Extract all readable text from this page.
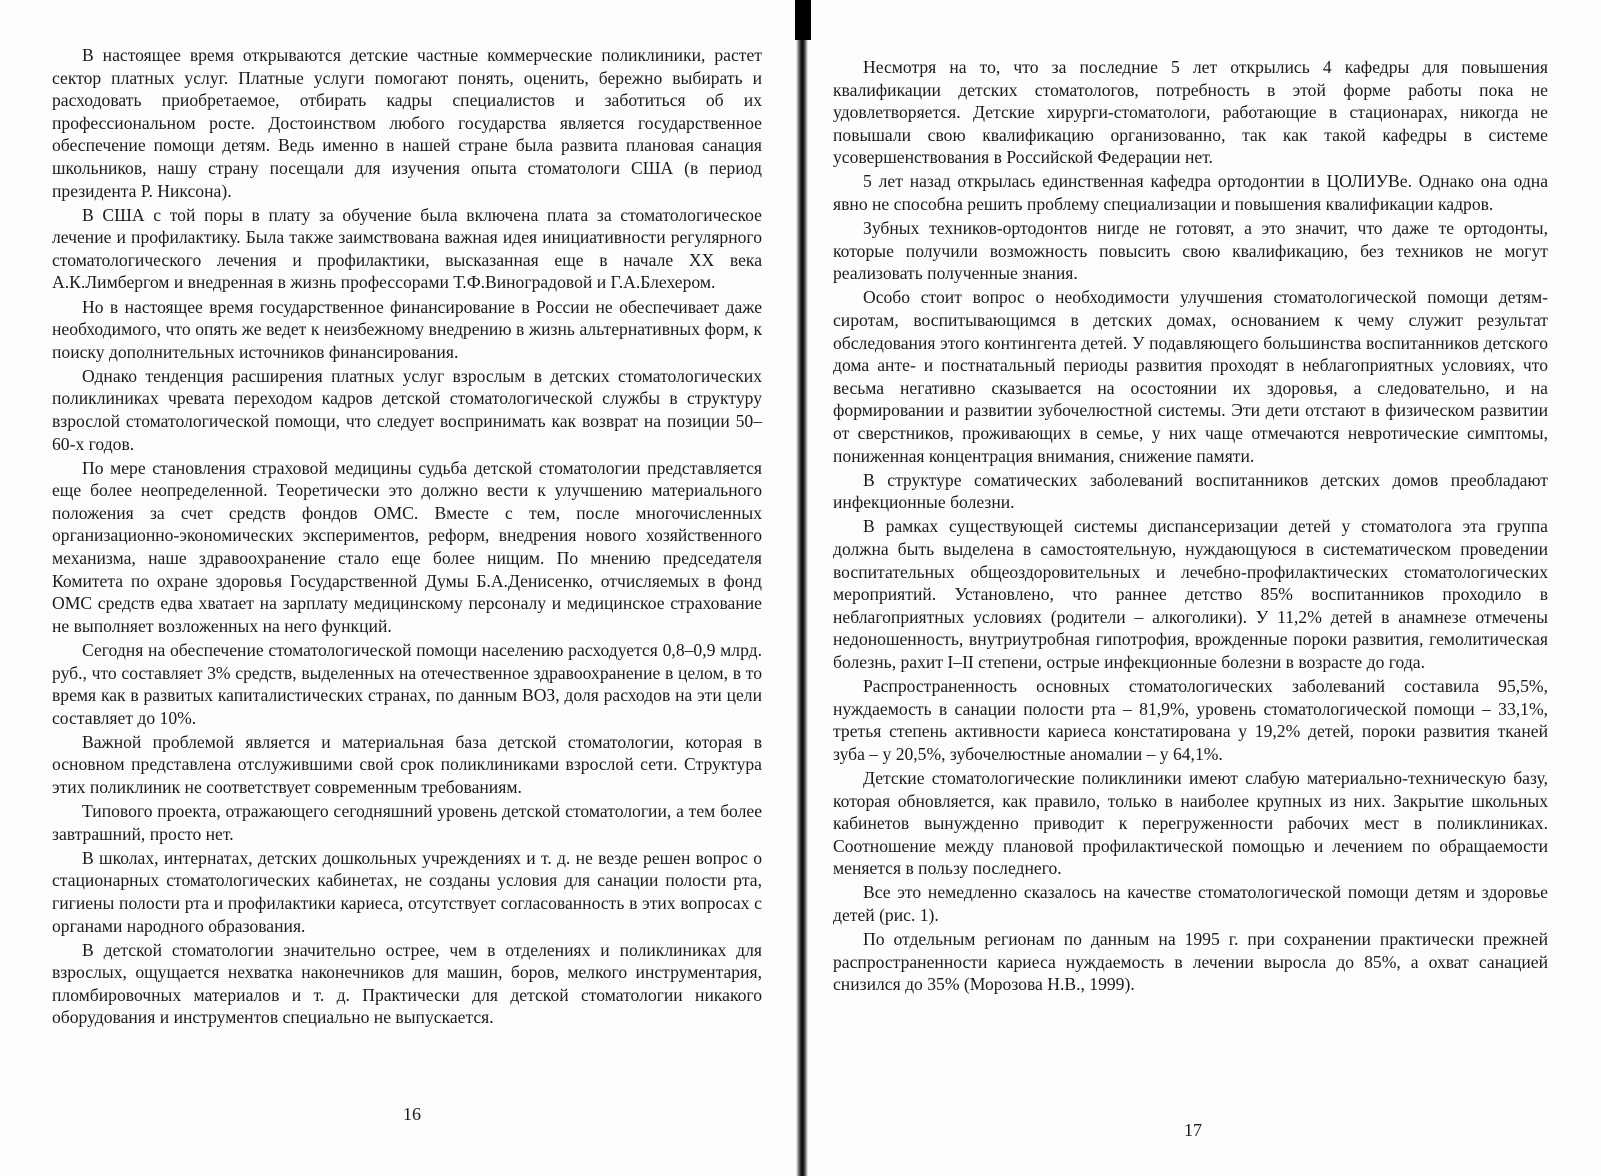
В настоящее время открываются детские частные коммерческие поликлиники, растет сектор платных услуг. Платные услуги помогают понять, оценить, бережно выбирать и расходовать приобретаемое, отбирать кадры специалистов и заботиться об их профессиональном росте. Достоинством любого государства является государственное обеспечение помощи детям. Ведь именно в нашей стране была развита плановая санация школьников, нашу страну посещали для изучения опыта стоматологи США (в период президента Р. Никсона).

В США с той поры в плату за обучение была включена плата за стоматологическое лечение и профилактику. Была также заимствована важная идея инициативности регулярного стоматологического лечения и профилактики, высказанная еще в начале XX века А.К.Лимбергом и внедренная в жизнь профессорами Т.Ф.Виноградовой и Г.А.Блехером.

Но в настоящее время государственное финансирование в России не обеспечивает даже необходимого, что опять же ведет к неизбежному внедрению в жизнь альтернативных форм, к поиску дополнительных источников финансирования.

Однако тенденция расширения платных услуг взрослым в детских стоматологических поликлиниках чревата переходом кадров детской стоматологической службы в структуру взрослой стоматологической помощи, что следует воспринимать как возврат на позиции 50–60-х годов.

По мере становления страховой медицины судьба детской стоматологии представляется еще более неопределенной. Теоретически это должно вести к улучшению материального положения за счет средств фондов ОМС. Вместе с тем, после многочисленных организационно-экономических экспериментов, реформ, внедрения нового хозяйственного механизма, наше здравоохранение стало еще более нищим. По мнению председателя Комитета по охране здоровья Государственной Думы Б.А.Денисенко, отчисляемых в фонд ОМС средств едва хватает на зарплату медицинскому персоналу и медицинское страхование не выполняет возложенных на него функций.

Сегодня на обеспечение стоматологической помощи населению расходуется 0,8–0,9 млрд. руб., что составляет 3% средств, выделенных на отечественное здравоохранение в целом, в то время как в развитых капиталистических странах, по данным ВОЗ, доля расходов на эти цели составляет до 10%.

Важной проблемой является и материальная база детской стоматологии, которая в основном представлена отслужившими свой срок поликлиниками взрослой сети. Структура этих поликлиник не соответствует современным требованиям.

Типового проекта, отражающего сегодняшний уровень детской стоматологии, а тем более завтрашний, просто нет.

В школах, интернатах, детских дошкольных учреждениях и т. д. не везде решен вопрос о стационарных стоматологических кабинетах, не созданы условия для санации полости рта, гигиены полости рта и профилактики кариеса, отсутствует согласованность в этих вопросах с органами народного образования.

В детской стоматологии значительно острее, чем в отделениях и поликлиниках для взрослых, ощущается нехватка наконечников для машин, боров, мелкого инструментария, пломбировочных материалов и т. д. Практически для детской стоматологии никакого оборудования и инструментов специально не выпускается.

16

Несмотря на то, что за последние 5 лет открылись 4 кафедры для повышения квалификации детских стоматологов, потребность в этой форме работы пока не удовлетворяется. Детские хирурги-стоматологи, работающие в стационарах, никогда не повышали свою квалификацию организованно, так как такой кафедры в системе усовершенствования в Российской Федерации нет.

5 лет назад открылась единственная кафедра ортодонтии в ЦОЛИУВе. Однако она одна явно не способна решить проблему специализации и повышения квалификации кадров.

Зубных техников-ортодонтов нигде не готовят, а это значит, что даже те ортодонты, которые получили возможность повысить свою квалификацию, без техников не могут реализовать полученные знания.

Особо стоит вопрос о необходимости улучшения стоматологической помощи детям-сиротам, воспитывающимся в детских домах, основанием к чему служит результат обследования этого контингента детей. У подавляющего большинства воспитанников детского дома анте- и постнатальный периоды развития проходят в неблагоприятных условиях, что весьма негативно сказывается на осостоянии их здоровья, а следовательно, и на формировании и развитии зубочелюстной системы. Эти дети отстают в физическом развитии от сверстников, проживающих в семье, у них чаще отмечаются невротические симптомы, пониженная концентрация внимания, снижение памяти.

В структуре соматических заболеваний воспитанников детских домов преобладают инфекционные болезни.

В рамках существующей системы диспансеризации детей у стоматолога эта группа должна быть выделена в самостоятельную, нуждающуюся в систематическом проведении воспитательных общеоздоровительных и лечебно-профилактических стоматологических мероприятий. Установлено, что раннее детство 85% воспитанников проходило в неблагоприятных условиях (родители – алкоголики). У 11,2% детей в анамнезе отмечены недоношенность, внутриутробная гипотрофия, врожденные пороки развития, гемолитическая болезнь, рахит I–II степени, острые инфекционные болезни в возрасте до года.

Распространенность основных стоматологических заболеваний составила 95,5%, нуждаемость в санации полости рта – 81,9%, уровень стоматологической помощи – 33,1%, третья степень активности кариеса констатирована у 19,2% детей, пороки развития тканей зуба – у 20,5%, зубочелюстные аномалии – у 64,1%.

Детские стоматологические поликлиники имеют слабую материально-техническую базу, которая обновляется, как правило, только в наиболее крупных из них. Закрытие школьных кабинетов вынужденно приводит к перегруженности рабочих мест в поликлиниках. Соотношение между плановой профилактической помощью и лечением по обращаемости меняется в пользу последнего.

Все это немедленно сказалось на качестве стоматологической помощи детям и здоровье детей (рис. 1).

По отдельным регионам по данным на 1995 г. при сохранении практически прежней распространенности кариеса нуждаемость в лечении выросла до 85%, а охват санацией снизился до 35% (Морозова Н.В., 1999).

17
